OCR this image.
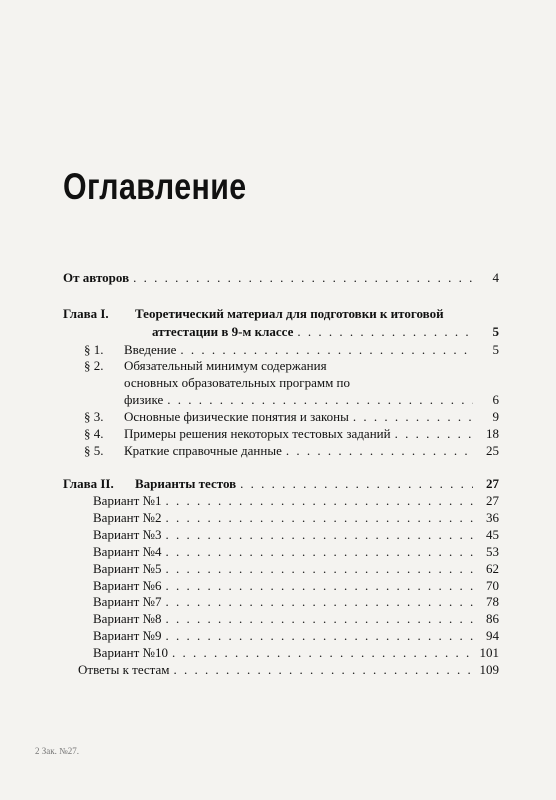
Оглавление
От авторов . . .	4
Глава I. Теоретический материал для подготовки к итоговой
аттестации в 9-м классе . . .	5
§ 1. Введение . . .	5
§ 2. Обязательный минимум содержания
основных образовательных программ по
физике . . .	6
§ 3. Основные физические понятия и законы . . .	9
§ 4. Примеры решения некоторых тестовых заданий . . .	18
§ 5. Краткие справочные данные . . .	25
Глава II. Варианты тестов . . .	27
Вариант №1 . . .	27
Вариант №2 . . .	36
Вариант №3 . . .	45
Вариант №4 . . .	53
Вариант №5 . . .	62
Вариант №6 . . .	70
Вариант №7 . . .	78
Вариант №8 . . .	86
Вариант №9 . . .	94
Вариант №10 . . .	101
Ответы к тестам . . .	109
2 Зак. №27.
